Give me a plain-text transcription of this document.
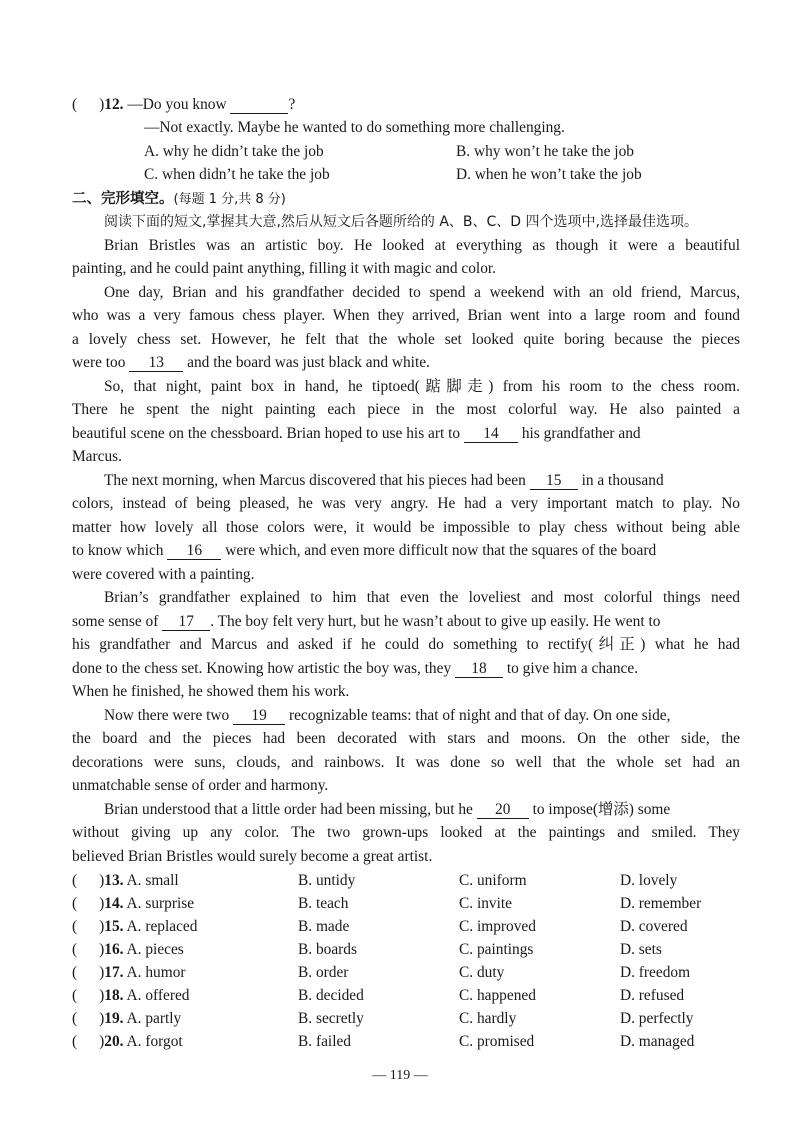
( )12. —Do you know	?
—Not exactly. Maybe he wanted to do something more challenging.
A. why he didn’t take the job	B. why won’t he take the job
C. when didn’t he take the job	D. when he won’t take the job
二、完形填空。(每题 1 分,共 8 分)
阅读下面的短文,掌握其大意,然后从短文后各题所给的 A、B、C、D 四个选项中,选择最佳选项。
Brian Bristles was an artistic boy. He looked at everything as though it were a beautiful
painting, and he could paint anything, filling it with magic and color.
One day, Brian and his grandfather decided to spend a weekend with an old friend, Marcus,
who was a very famous chess player. When they arrived, Brian went into a large room and found
a lovely chess set. However, he felt that the whole set looked quite boring because the pieces
were too 13 and the board was just black and white.
So, that night, paint box in hand, he tiptoed(踮脚走) from his room to the chess room.
There he spent the night painting each piece in the most colorful way. He also painted a
beautiful scene on the chessboard. Brian hoped to use his art to 14 his grandfather and
Marcus.
The next morning, when Marcus discovered that his pieces had been 15 in a thousand
colors, instead of being pleased, he was very angry. He had a very important match to play. No
matter how lovely all those colors were, it would be impossible to play chess without being able
to know which 16 were which, and even more difficult now that the squares of the board
were covered with a painting.
Brian’s grandfather explained to him that even the loveliest and most colorful things need
some sense of 17 . The boy felt very hurt, but he wasn’t about to give up easily. He went to
his grandfather and Marcus and asked if he could do something to rectify(纠正) what he had
done to the chess set. Knowing how artistic the boy was, they 18 to give him a chance.
When he finished, he showed them his work.
Now there were two 19 recognizable teams: that of night and that of day. On one side,
the board and the pieces had been decorated with stars and moons. On the other side, the
decorations were suns, clouds, and rainbows. It was done so well that the whole set had an
unmatchable sense of order and harmony.
Brian understood that a little order had been missing, but he 20 to impose(增添) some
without giving up any color. The two grown-ups looked at the paintings and smiled. They
believed Brian Bristles would surely become a great artist.
( )13. A. small	B. untidy	C. uniform	D. lovely
( )14. A. surprise	B. teach	C. invite	D. remember
( )15. A. replaced	B. made	C. improved	D. covered
( )16. A. pieces	B. boards	C. paintings	D. sets
( )17. A. humor	B. order	C. duty	D. freedom
( )18. A. offered	B. decided	C. happened	D. refused
( )19. A. partly	B. secretly	C. hardly	D. perfectly
( )20. A. forgot	B. failed	C. promised	D. managed
— 119 —
